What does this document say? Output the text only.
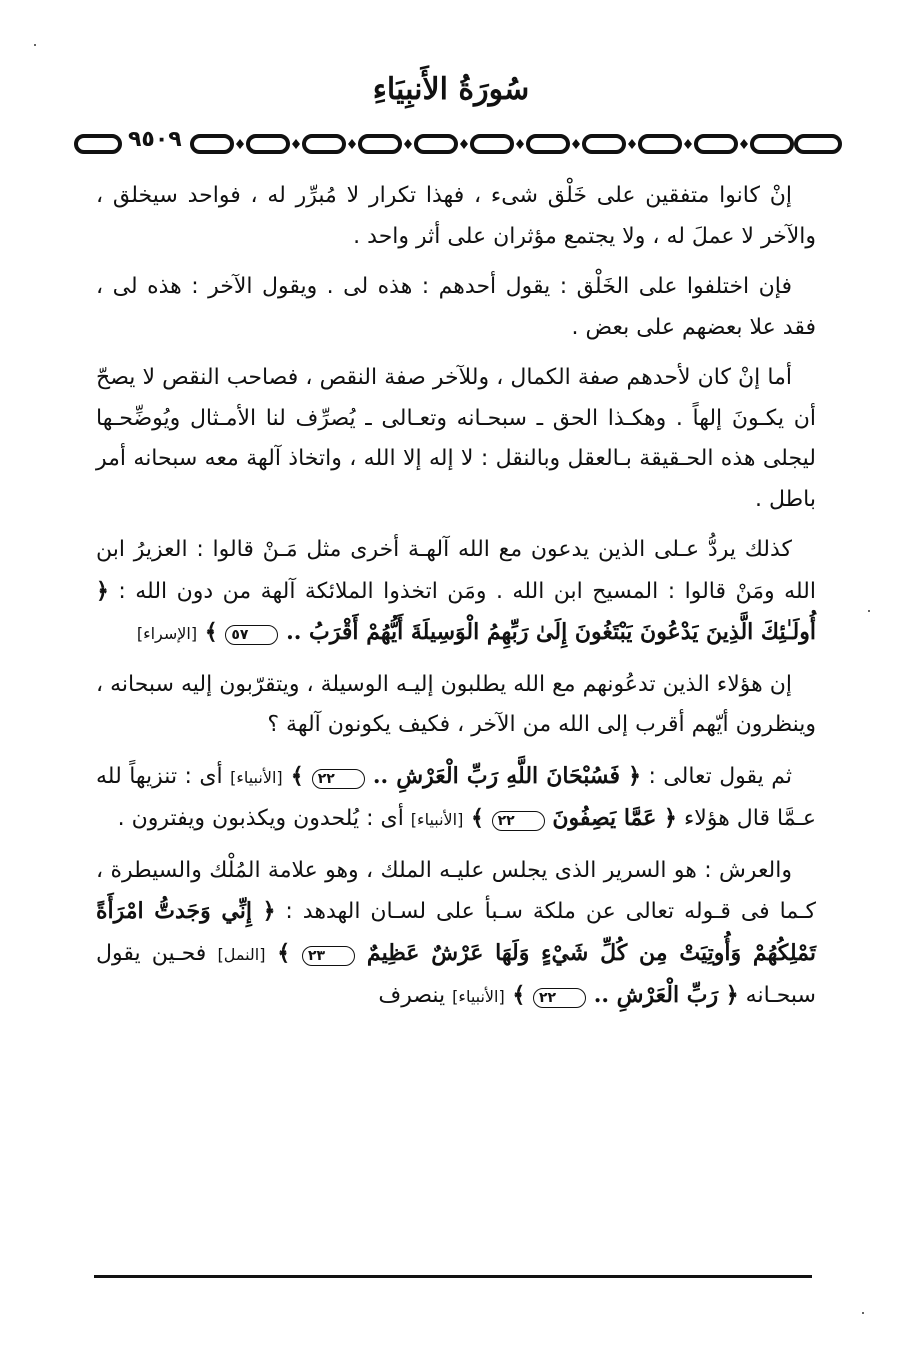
سُورَةُ الأَنبِيَاءِ
٩٥٠٩

إنْ كانوا متفقين على خَلْق شىء ، فهذا تكرار لا مُبرِّر له ، فواحد سيخلق ، والآخر لا عملَ له ، ولا يجتمع مؤثران على أثر واحد .

فإن اختلفوا على الخَلْق : يقول أحدهم : هذه لى . ويقول الآخر : هذه لى ، فقد علا بعضهم على بعض .

أما إنْ كان لأحدهم صفة الكمال ، وللآخر صفة النقص ، فصاحب النقص لا يصحّ أن يكـونَ إلهاً . وهكـذا الحق ـ سبحـانه وتعـالى ـ يُصرِّف لنا الأمـثال ويُوضِّحـها ليجلى هذه الحـقيقة بـالعقل وبالنقل : لا إله إلا الله ، واتخاذ آلهة معه سبحانه أمر باطل .

كذلك يردُّ عـلى الذين يدعون مع الله آلهـة أخرى مثل مَـنْ قالوا : العزيرُ ابن الله ومَنْ قالوا : المسيح ابن الله . ومَن اتخذوا الملائكة آلهة من دون الله : ﴿ أُولَـٰئِكَ الَّذِينَ يَدْعُونَ يَبْتَغُونَ إِلَىٰ رَبِّهِمُ الْوَسِيلَةَ أَيُّهُمْ أَقْرَبُ .. ٥٧ ﴾ [الإسراء]

إن هؤلاء الذين تدعُونهم مع الله يطلبون إليـه الوسيلة ، ويتقرّبون إليه سبحانه ، وينظرون أيّهم أقرب إلى الله من الآخر ، فكيف يكونون آلهة ؟

ثم يقول تعالى : ﴿ فَسُبْحَانَ اللَّهِ رَبِّ الْعَرْشِ .. ٢٢ ﴾ [الأنبياء] أى : تنزيهاً لله عـمَّا قال هؤلاء ﴿ عَمَّا يَصِفُونَ ٢٢ ﴾ [الأنبياء] أى : يُلحدون ويكذبون ويفترون .

والعرش : هو السرير الذى يجلس عليـه الملك ، وهو علامة المُلْك والسيطرة ، كـما فى قـوله تعالى عن ملكة سـبأ على لسـان الهدهد : ﴿ إِنِّي وَجَدتُّ امْرَأَةً تَمْلِكُهُمْ وَأُوتِيَتْ مِن كُلِّ شَيْءٍ وَلَهَا عَرْشٌ عَظِيمٌ ٢٣ ﴾ [النمل] فحـين يقول سبحـانه ﴿ رَبِّ الْعَرْشِ .. ٢٢ ﴾ [الأنبياء] ينصرف
